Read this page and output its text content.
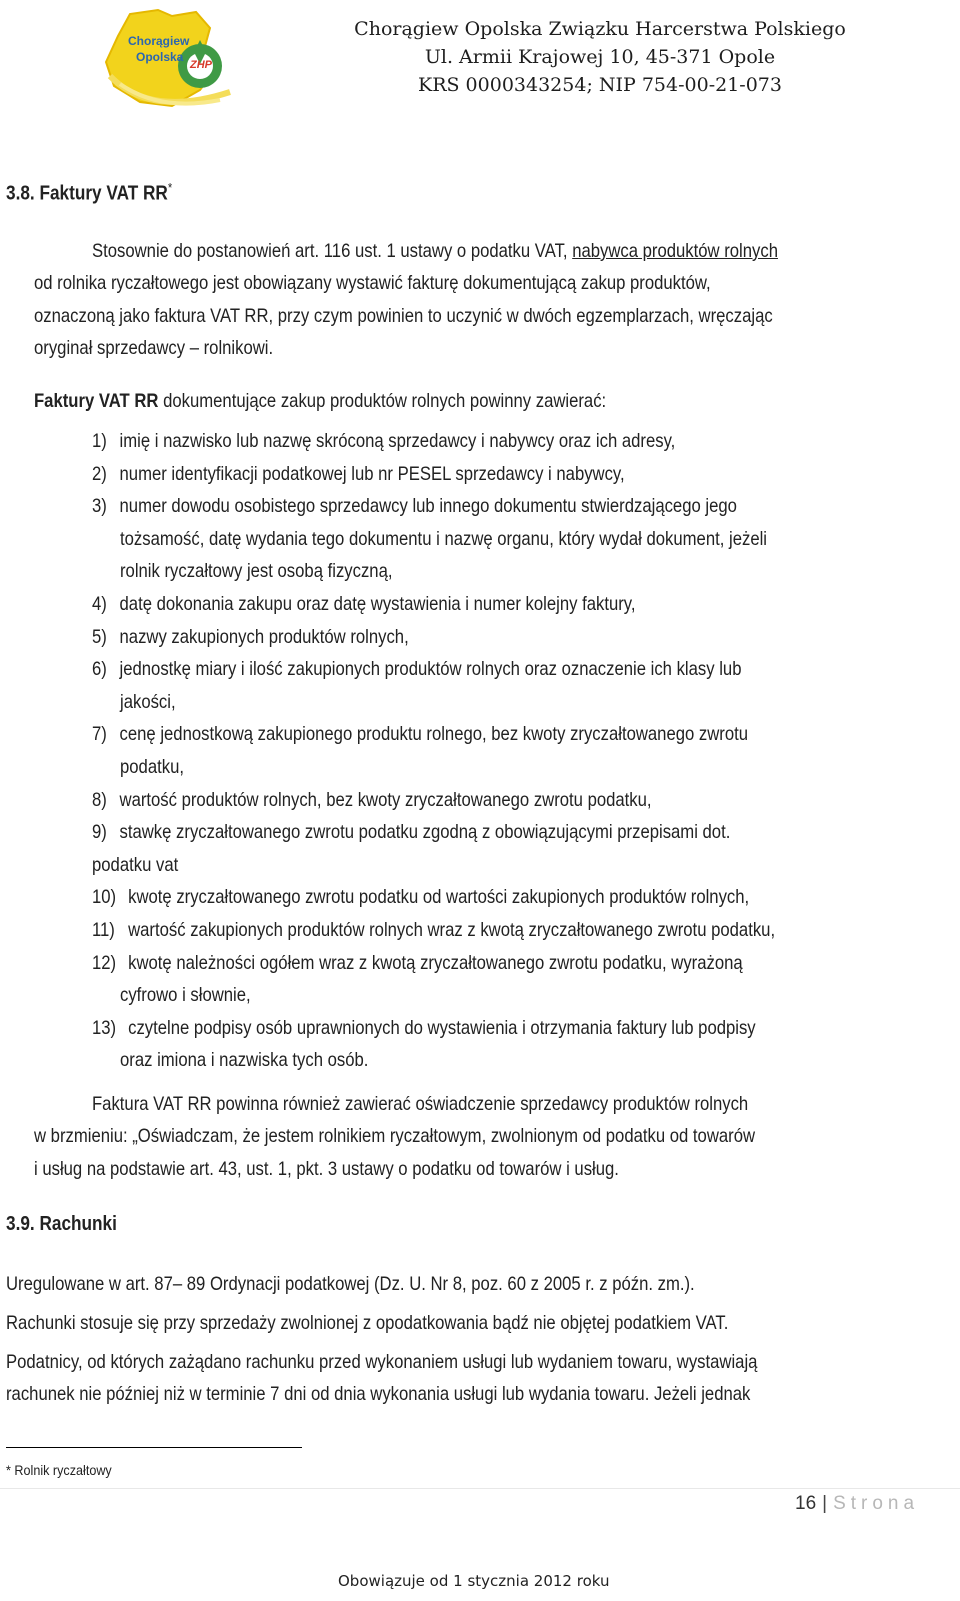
Chorągiew
Opolska
ZHP
Chorągiew Opolska Związku Harcerstwa Polskiego
Ul. Armii Krajowej 10, 45-371 Opole
KRS 0000343254; NIP 754-00-21-073
3.8. Faktury VAT RR*
Stosownie do postanowień art. 116 ust. 1 ustawy o podatku VAT, nabywca produktów rolnych
od rolnika ryczałtowego jest obowiązany wystawić fakturę dokumentującą zakup produktów,
oznaczoną jako faktura VAT RR, przy czym powinien to uczynić w dwóch egzemplarzach, wręczając
oryginał sprzedawcy – rolnikowi.
Faktury VAT RR dokumentujące zakup produktów rolnych powinny zawierać:
1) imię i nazwisko lub nazwę skróconą sprzedawcy i nabywcy oraz ich adresy,
2) numer identyfikacji podatkowej lub nr PESEL sprzedawcy i nabywcy,
3) numer dowodu osobistego sprzedawcy lub innego dokumentu stwierdzającego jego
tożsamość, datę wydania tego dokumentu i nazwę organu, który wydał dokument, jeżeli
rolnik ryczałtowy jest osobą fizyczną,
4) datę dokonania zakupu oraz datę wystawienia i numer kolejny faktury,
5) nazwy zakupionych produktów rolnych,
6) jednostkę miary i ilość zakupionych produktów rolnych oraz oznaczenie ich klasy lub
jakości,
7) cenę jednostkową zakupionego produktu rolnego, bez kwoty zryczałtowanego zwrotu
podatku,
8) wartość produktów rolnych, bez kwoty zryczałtowanego zwrotu podatku,
9) stawkę zryczałtowanego zwrotu podatku zgodną z obowiązującymi przepisami dot.
podatku vat
10) kwotę zryczałtowanego zwrotu podatku od wartości zakupionych produktów rolnych,
11) wartość zakupionych produktów rolnych wraz z kwotą zryczałtowanego zwrotu podatku,
12) kwotę należności ogółem wraz z kwotą zryczałtowanego zwrotu podatku, wyrażoną
cyfrowo i słownie,
13) czytelne podpisy osób uprawnionych do wystawienia i otrzymania faktury lub podpisy
oraz imiona i nazwiska tych osób.
Faktura VAT RR powinna również zawierać oświadczenie sprzedawcy produktów rolnych
w brzmieniu: „Oświadczam, że jestem rolnikiem ryczałtowym, zwolnionym od podatku od towarów
i usług na podstawie art. 43, ust. 1, pkt. 3 ustawy o podatku od towarów i usług.
3.9. Rachunki
Uregulowane w art. 87– 89 Ordynacji podatkowej (Dz. U. Nr 8, poz. 60 z 2005 r. z późn. zm.).
Rachunki stosuje się przy sprzedaży zwolnionej z opodatkowania bądź nie objętej podatkiem VAT.
Podatnicy, od których zażądano rachunku przed wykonaniem usługi lub wydaniem towaru, wystawiają
rachunek nie później niż w terminie 7 dni od dnia wykonania usługi lub wydania towaru. Jeżeli jednak
* Rolnik ryczałtowy
16 | Strona
Obowiązuje od 1 stycznia 2012 roku
